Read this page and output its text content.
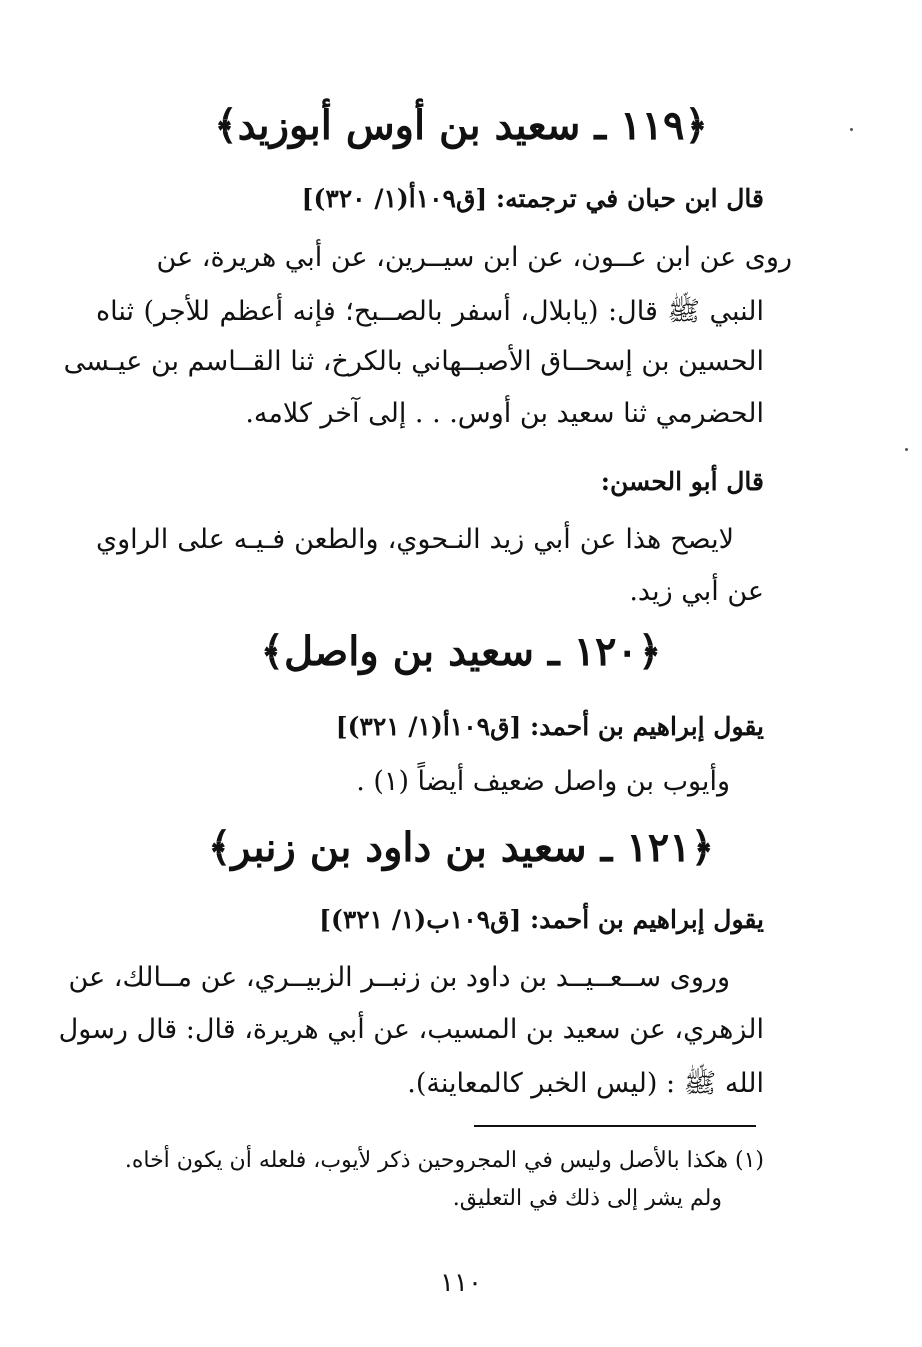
﴿١١٩ ـ سعيد بن أوس أبوزيد﴾
قال ابن حبان في ترجمته: [ق١٠٩أ(١/ ٣٢٠)]
روى عن ابن عــون، عن ابن سيــرين، عن أبي هريرة، عن
النبي ﷺ قال: (يابلال، أسفر بالصــبح؛ فإنه أعظم للأجر) ثناه
الحسين بن إسحــاق الأصبــهاني بالكرخ، ثنا القــاسم بن عيـسى
الحضرمي ثنا سعيد بن أوس. . . إلى آخر كلامه.
قال أبو الحسن:
لايصح هذا عن أبي زيد النـحوي، والطعن فـيـه على الراوي
عن أبي زيد.
﴿١٢٠ ـ سعيد بن واصل﴾
يقول إبراهيم بن أحمد: [ق١٠٩أ(١/ ٣٢١)]
وأيوب بن واصل ضعيف أيضاً (١) .
﴿١٢١ ـ سعيد بن داود بن زنبر﴾
يقول إبراهيم بن أحمد: [ق١٠٩ب(١/ ٣٢١)]
وروى ســعــيــد بن داود بن زنبــر الزبيــري، عن مــالك، عن
الزهري، عن سعيد بن المسيب، عن أبي هريرة، قال: قال رسول
الله ﷺ : (ليس الخبر كالمعاينة).
(١) هكذا بالأصل وليس في المجروحين ذكر لأيوب، فلعله أن يكون أخاه.
ولم يشر إلى ذلك في التعليق.
١١٠
